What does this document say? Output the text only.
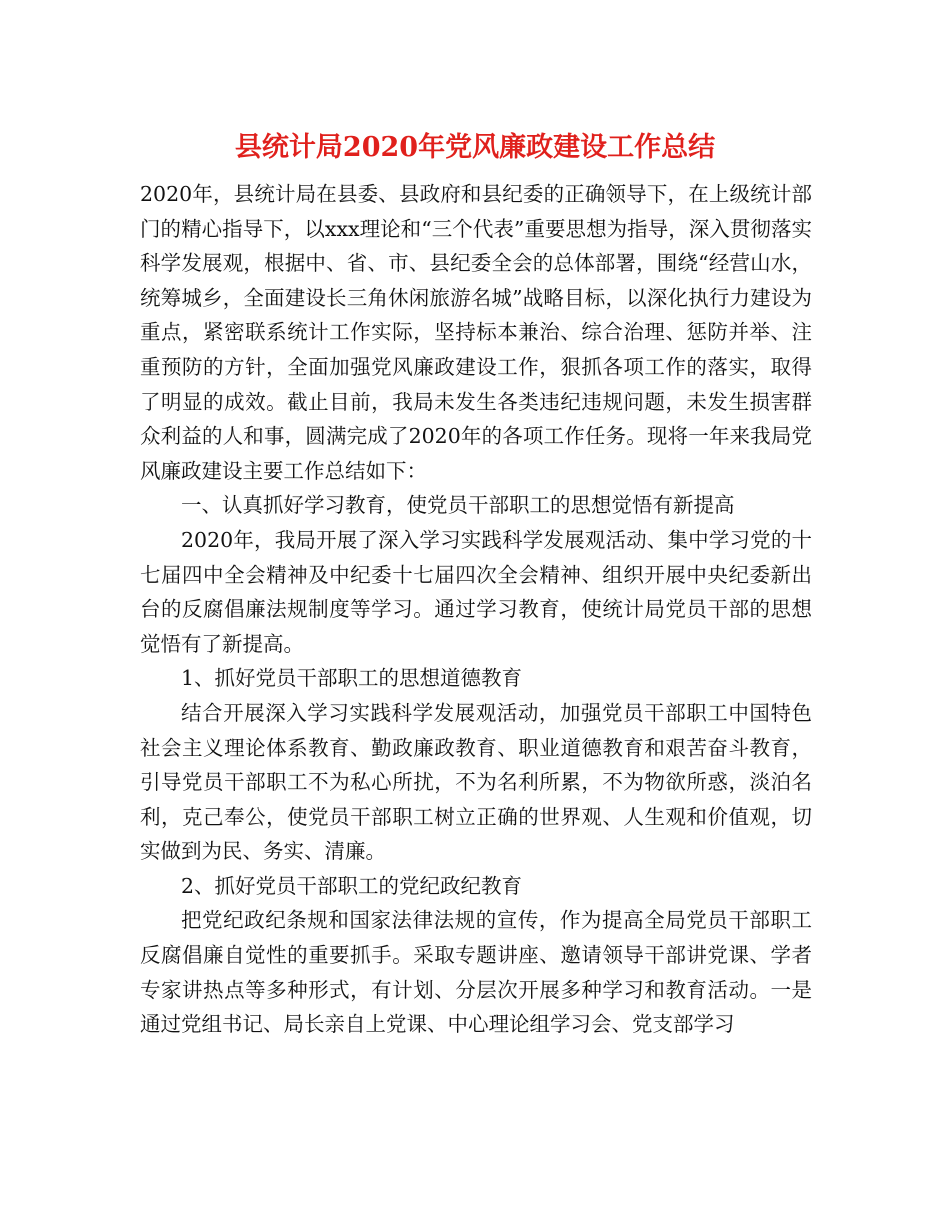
县统计局2020年党风廉政建设工作总结

2020年，县统计局在县委、县政府和县纪委的正确领导下，在上级统计部门的精心指导下，以xxx理论和“三个代表”重要思想为指导，深入贯彻落实科学发展观，根据中、省、市、县纪委全会的总体部署，围绕“经营山水，统筹城乡，全面建设长三角休闲旅游名城”战略目标，以深化执行力建设为重点，紧密联系统计工作实际，坚持标本兼治、综合治理、惩防并举、注重预防的方针，全面加强党风廉政建设工作，狠抓各项工作的落实，取得了明显的成效。截止目前，我局未发生各类违纪违规问题，未发生损害群众利益的人和事，圆满完成了2020年的各项工作任务。现将一年来我局党风廉政建设主要工作总结如下：

一、认真抓好学习教育，使党员干部职工的思想觉悟有新提高

2020年，我局开展了深入学习实践科学发展观活动、集中学习党的十七届四中全会精神及中纪委十七届四次全会精神、组织开展中央纪委新出台的反腐倡廉法规制度等学习。通过学习教育，使统计局党员干部的思想觉悟有了新提高。

1、抓好党员干部职工的思想道德教育

结合开展深入学习实践科学发展观活动，加强党员干部职工中国特色社会主义理论体系教育、勤政廉政教育、职业道德教育和艰苦奋斗教育，引导党员干部职工不为私心所扰，不为名利所累，不为物欲所惑，淡泊名利，克己奉公，使党员干部职工树立正确的世界观、人生观和价值观，切实做到为民、务实、清廉。

2、抓好党员干部职工的党纪政纪教育

把党纪政纪条规和国家法律法规的宣传，作为提高全局党员干部职工反腐倡廉自觉性的重要抓手。采取专题讲座、邀请领导干部讲党课、学者专家讲热点等多种形式，有计划、分层次开展多种学习和教育活动。一是通过党组书记、局长亲自上党课、中心理论组学习会、党支部学习
